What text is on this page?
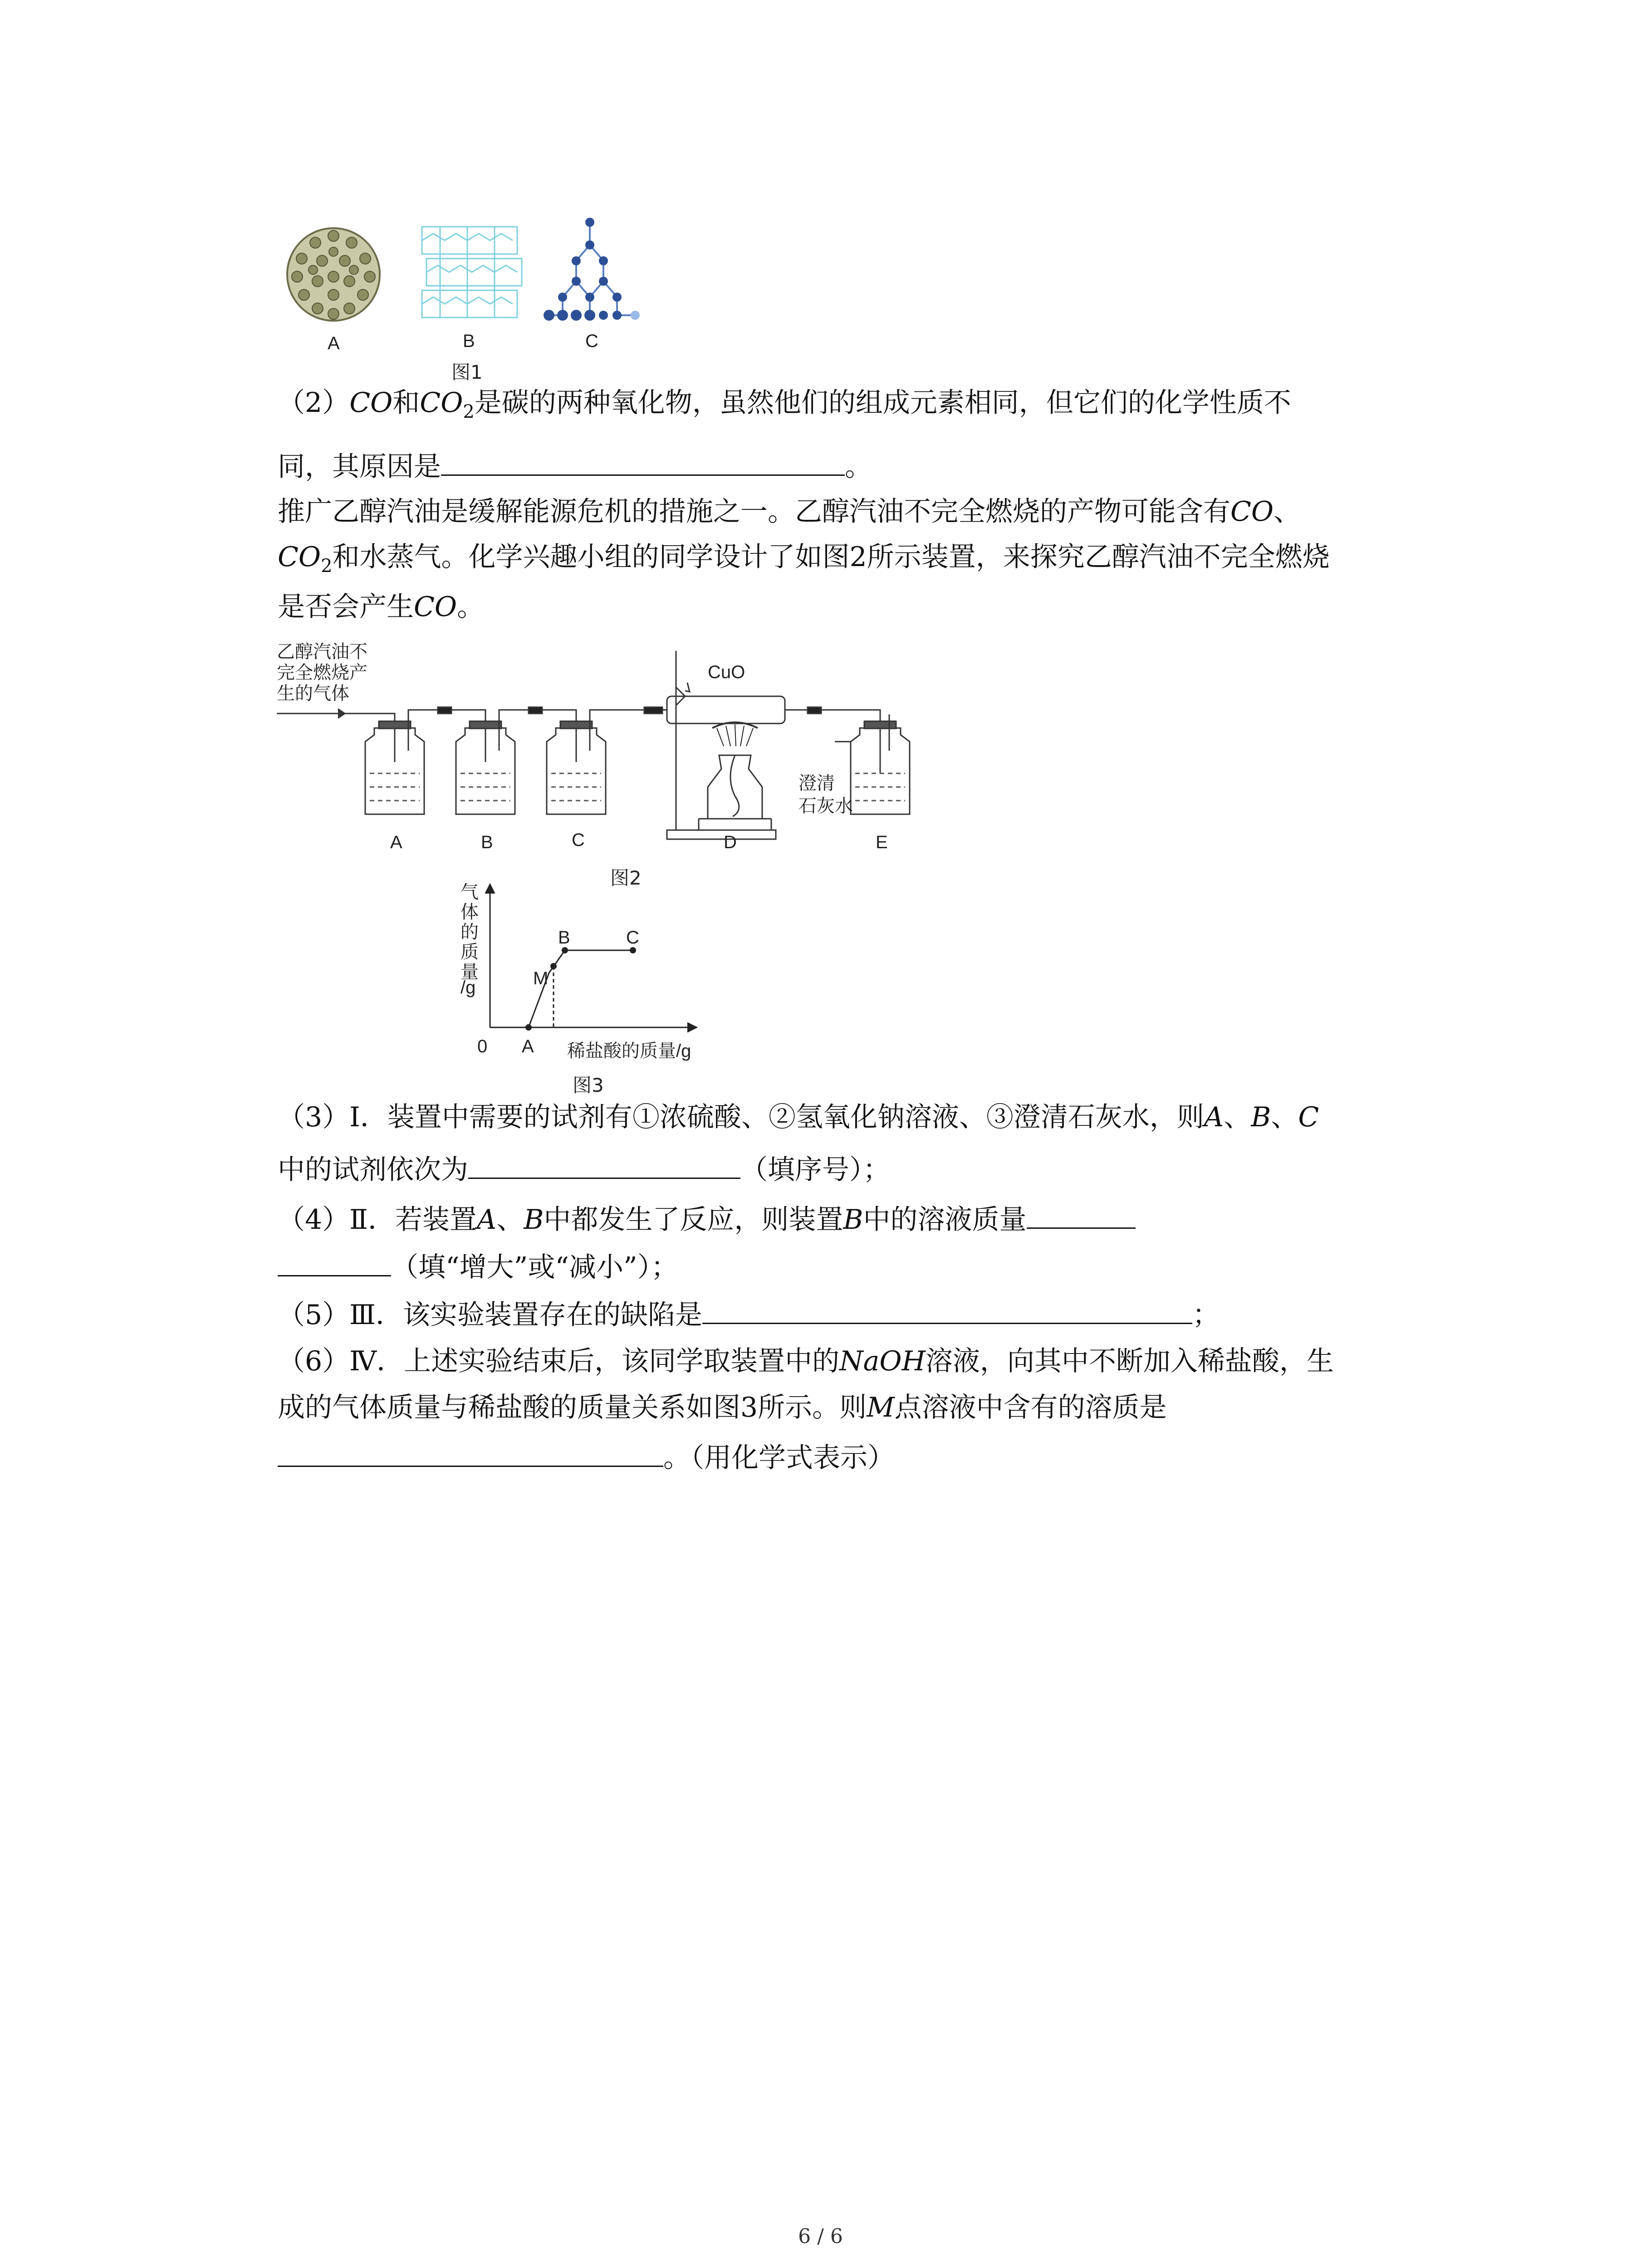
A	B	C
图1
（2）CO和$CO_2$是碳的两种氧化物，虽然他们的组成元素相同，但它们的化学性质不
同，其原因是	。
推广乙醇汽油是缓解能源危机的措施之一。乙醇汽油不完全燃烧的产物可能含有CO、
$CO_2$和水蒸气。化学兴趣小组的同学设计了如图2所示装置，来探究乙醇汽油不完全燃烧
是否会产生CO。
乙醇汽油不
完全燃烧产
生的气体
CuO
澄清
石灰水
A	B	C	D	E
图2
气
体
的
质
量
/g
0 A
M
B	C
稀盐酸的质量/g
图3
（3）Ⅰ．装置中需要的试剂有①浓硫酸、②氢氧化钠溶液、③澄清石灰水，则A、B、C
中的试剂依次为	（填序号）；
（4）Ⅱ．若装置A、B中都发生了反应，则装置B中的溶液质量
（填“增大”或“减小”）；
（5）Ⅲ．该实验装置存在的缺陷是	；
（6）Ⅳ．上述实验结束后，该同学取装置中的NaOH溶液，向其中不断加入稀盐酸，生
成的气体质量与稀盐酸的质量关系如图3所示。则M点溶液中含有的溶质是
。（用化学式表示）
6 / 6
